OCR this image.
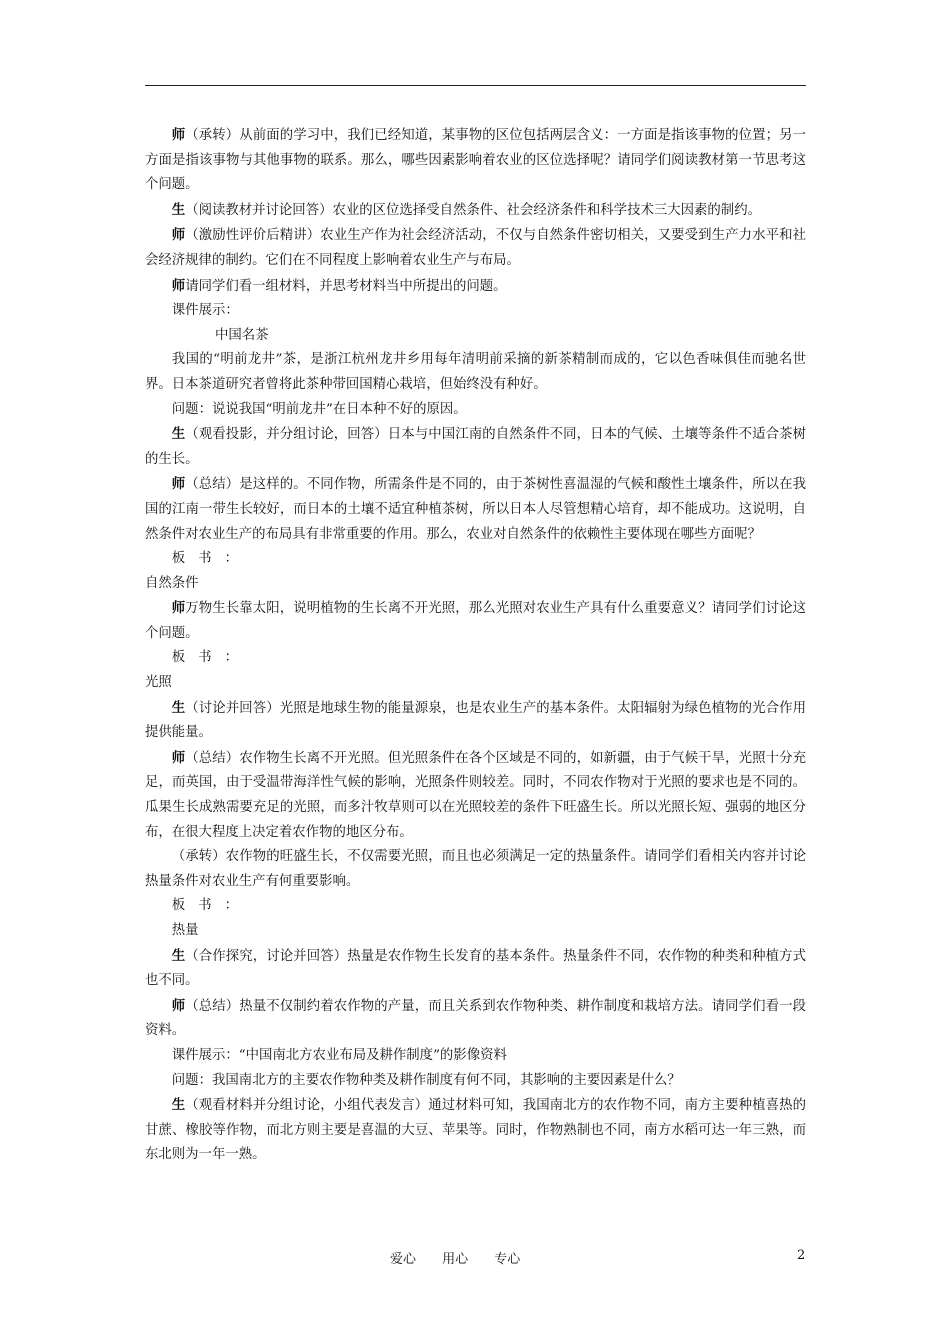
师（承转）从前面的学习中，我们已经知道，某事物的区位包括两层含义：一方面是指该事物的位置；另一方面是指该事物与其他事物的联系。那么，哪些因素影响着农业的区位选择呢？请同学们阅读教材第一节思考这个问题。

生（阅读教材并讨论回答）农业的区位选择受自然条件、社会经济条件和科学技术三大因素的制约。

师（激励性评价后精讲）农业生产作为社会经济活动，不仅与自然条件密切相关，又要受到生产力水平和社会经济规律的制约。它们在不同程度上影响着农业生产与布局。

师请同学们看一组材料，并思考材料当中所提出的问题。

课件展示：

中国名茶

我国的“明前龙井”茶，是浙江杭州龙井乡用每年清明前采摘的新茶精制而成的，它以色香味俱佳而驰名世界。日本茶道研究者曾将此茶种带回国精心栽培，但始终没有种好。

问题：说说我国“明前龙井”在日本种不好的原因。

生（观看投影，并分组讨论，回答）日本与中国江南的自然条件不同，日本的气候、土壤等条件不适合茶树的生长。

师（总结）是这样的。不同作物，所需条件是不同的，由于茶树性喜温湿的气候和酸性土壤条件，所以在我国的江南一带生长较好，而日本的土壤不适宜种植茶树，所以日本人尽管想精心培育，却不能成功。这说明，自然条件对农业生产的布局具有非常重要的作用。那么，农业对自然条件的依赖性主要体现在哪些方面呢？

板书：

自然条件

师万物生长靠太阳，说明植物的生长离不开光照，那么光照对农业生产具有什么重要意义？请同学们讨论这个问题。

板书：

光照

生（讨论并回答）光照是地球生物的能量源泉，也是农业生产的基本条件。太阳辐射为绿色植物的光合作用提供能量。

师（总结）农作物生长离不开光照。但光照条件在各个区域是不同的，如新疆，由于气候干旱，光照十分充足，而英国，由于受温带海洋性气候的影响，光照条件则较差。同时，不同农作物对于光照的要求也是不同的。瓜果生长成熟需要充足的光照，而多汁牧草则可以在光照较差的条件下旺盛生长。所以光照长短、强弱的地区分布，在很大程度上决定着农作物的地区分布。

（承转）农作物的旺盛生长，不仅需要光照，而且也必须满足一定的热量条件。请同学们看相关内容并讨论热量条件对农业生产有何重要影响。

板书：

热量

生（合作探究，讨论并回答）热量是农作物生长发育的基本条件。热量条件不同，农作物的种类和种植方式也不同。

师（总结）热量不仅制约着农作物的产量，而且关系到农作物种类、耕作制度和栽培方法。请同学们看一段资料。

课件展示：“中国南北方农业布局及耕作制度”的影像资料

问题：我国南北方的主要农作物种类及耕作制度有何不同，其影响的主要因素是什么？

生（观看材料并分组讨论，小组代表发言）通过材料可知，我国南北方的农作物不同，南方主要种植喜热的甘蔗、橡胶等作物，而北方则主要是喜温的大豆、苹果等。同时，作物熟制也不同，南方水稻可达一年三熟，而东北则为一年一熟。

爱心 用心 专心	2
